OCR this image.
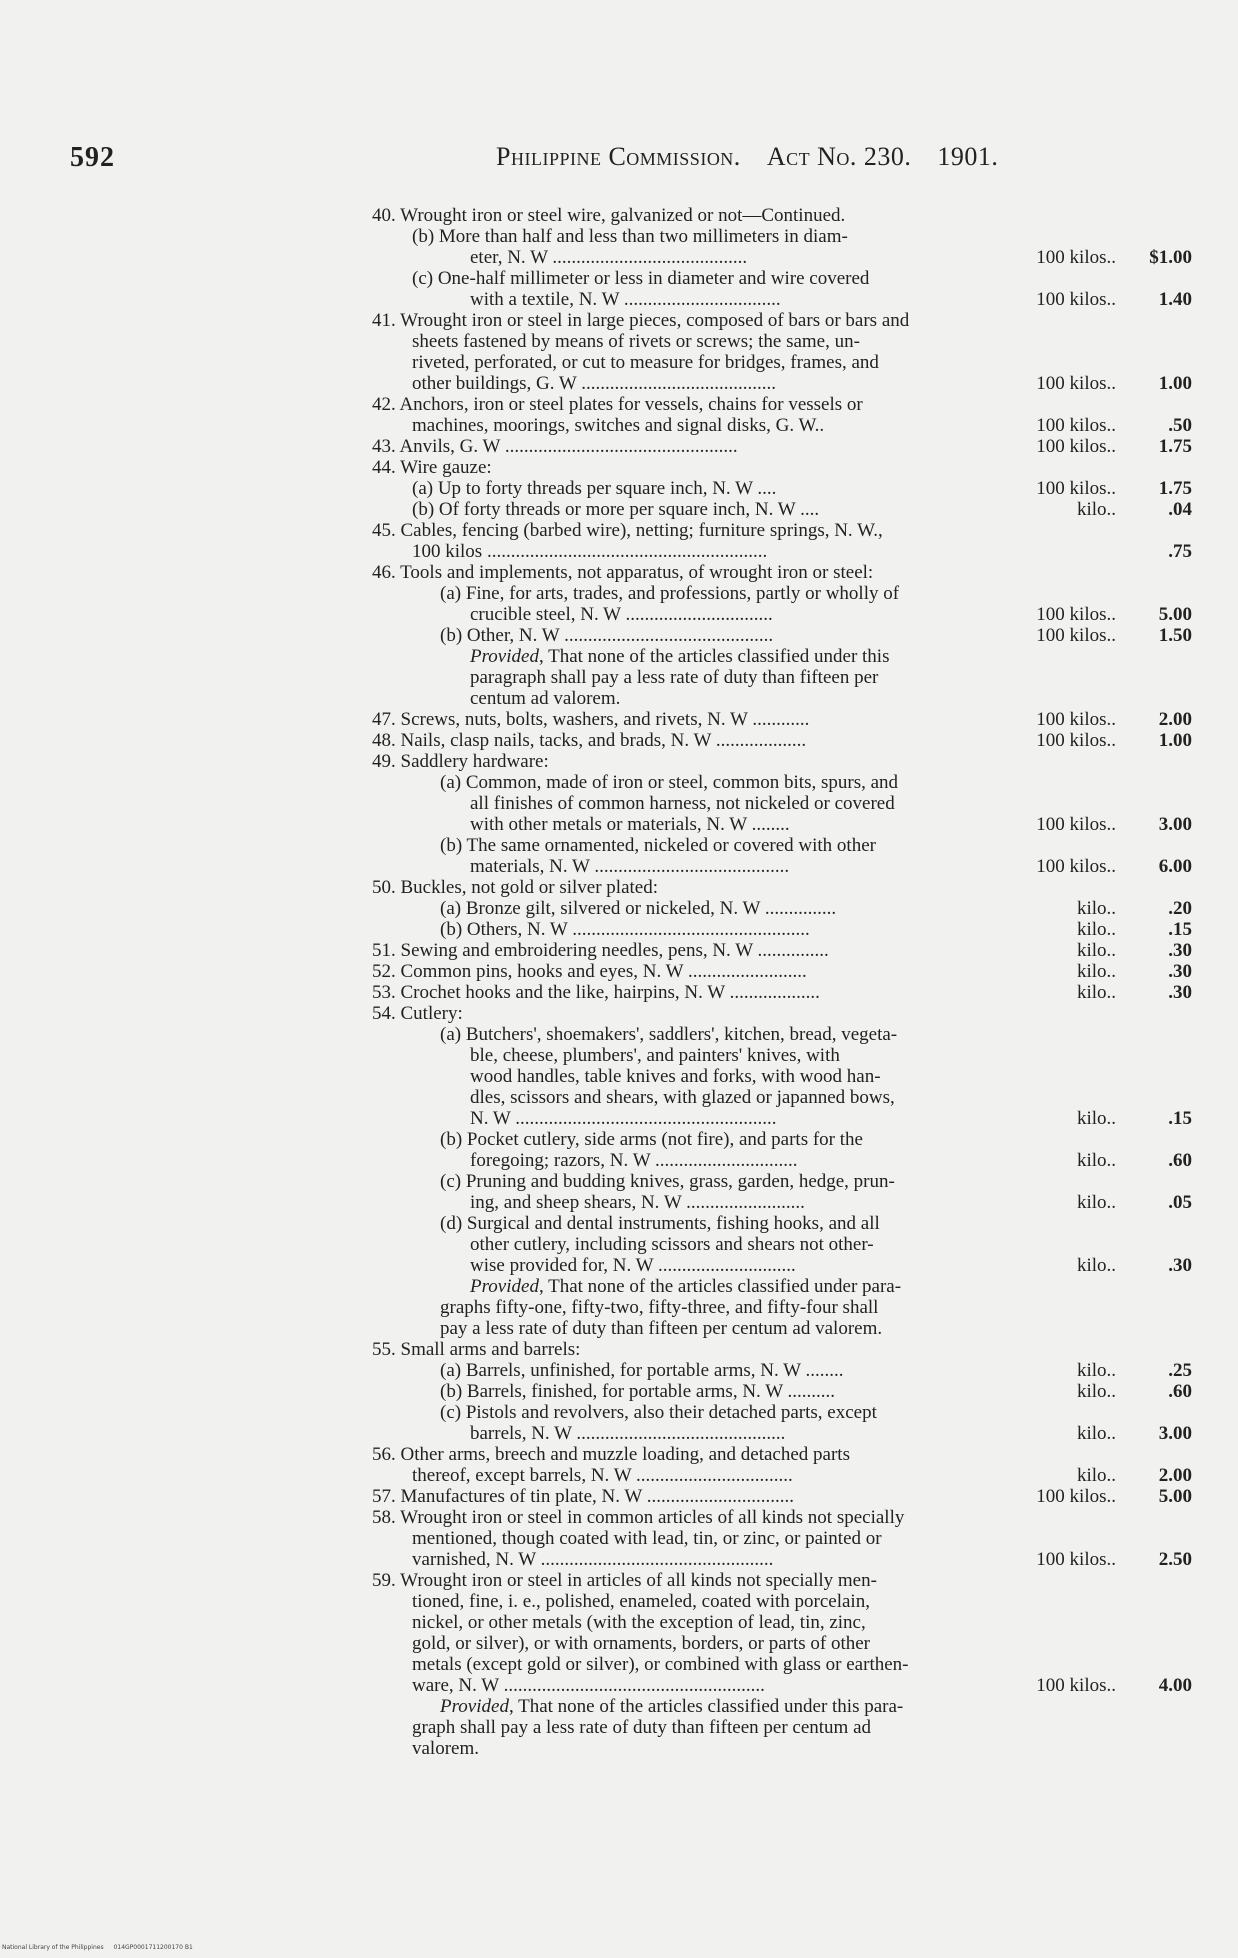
592	Philippine Commission. Act No. 230. 1901.
40. Wrought iron or steel wire, galvanized or not—Continued.
(b) More than half and less than two millimeters in diam-
eter, N. W .........................................	100 kilos..	$1.00
(c) One-half millimeter or less in diameter and wire covered
with a textile, N. W .................................	100 kilos..	1.40
41. Wrought iron or steel in large pieces, composed of bars or bars and
sheets fastened by means of rivets or screws; the same, un-
riveted, perforated, or cut to measure for bridges, frames, and
other buildings, G. W .........................................	100 kilos..	1.00
42. Anchors, iron or steel plates for vessels, chains for vessels or
machines, moorings, switches and signal disks, G. W..	100 kilos..	.50
43. Anvils, G. W .................................................	100 kilos..	1.75
44. Wire gauze:
(a) Up to forty threads per square inch, N. W ....	100 kilos..	1.75
(b) Of forty threads or more per square inch, N. W ....	kilo..	.04
45. Cables, fencing (barbed wire), netting; furniture springs, N. W.,
100 kilos ...........................................................	.75
46. Tools and implements, not apparatus, of wrought iron or steel:
(a) Fine, for arts, trades, and professions, partly or wholly of
crucible steel, N. W ...............................	100 kilos..	5.00
(b) Other, N. W ............................................	100 kilos..	1.50
Provided, That none of the articles classified under this
paragraph shall pay a less rate of duty than fifteen per
centum ad valorem.
47. Screws, nuts, bolts, washers, and rivets, N. W ............	100 kilos..	2.00
48. Nails, clasp nails, tacks, and brads, N. W ...................	100 kilos..	1.00
49. Saddlery hardware:
(a) Common, made of iron or steel, common bits, spurs, and
all finishes of common harness, not nickeled or covered
with other metals or materials, N. W ........	100 kilos..	3.00
(b) The same ornamented, nickeled or covered with other
materials, N. W .........................................	100 kilos..	6.00
50. Buckles, not gold or silver plated:
(a) Bronze gilt, silvered or nickeled, N. W ...............	kilo..	.20
(b) Others, N. W ..................................................	kilo..	.15
51. Sewing and embroidering needles, pens, N. W ...............	kilo..	.30
52. Common pins, hooks and eyes, N. W .........................	kilo..	.30
53. Crochet hooks and the like, hairpins, N. W ...................	kilo..	.30
54. Cutlery:
(a) Butchers', shoemakers', saddlers', kitchen, bread, vegeta-
ble, cheese, plumbers', and painters' knives, with
wood handles, table knives and forks, with wood han-
dles, scissors and shears, with glazed or japanned bows,
N. W .......................................................	kilo..	.15
(b) Pocket cutlery, side arms (not fire), and parts for the
foregoing; razors, N. W ..............................	kilo..	.60
(c) Pruning and budding knives, grass, garden, hedge, prun-
ing, and sheep shears, N. W .........................	kilo..	.05
(d) Surgical and dental instruments, fishing hooks, and all
other cutlery, including scissors and shears not other-
wise provided for, N. W .............................	kilo..	.30
Provided, That none of the articles classified under para-
graphs fifty-one, fifty-two, fifty-three, and fifty-four shall
pay a less rate of duty than fifteen per centum ad valorem.
55. Small arms and barrels:
(a) Barrels, unfinished, for portable arms, N. W ........	kilo..	.25
(b) Barrels, finished, for portable arms, N. W ..........	kilo..	.60
(c) Pistols and revolvers, also their detached parts, except
barrels, N. W ............................................	kilo..	3.00
56. Other arms, breech and muzzle loading, and detached parts
thereof, except barrels, N. W .................................	kilo..	2.00
57. Manufactures of tin plate, N. W ...............................	100 kilos..	5.00
58. Wrought iron or steel in common articles of all kinds not specially
mentioned, though coated with lead, tin, or zinc, or painted or
varnished, N. W .................................................	100 kilos..	2.50
59. Wrought iron or steel in articles of all kinds not specially men-
tioned, fine, i. e., polished, enameled, coated with porcelain,
nickel, or other metals (with the exception of lead, tin, zinc,
gold, or silver), or with ornaments, borders, or parts of other
metals (except gold or silver), or combined with glass or earthen-
ware, N. W .......................................................	100 kilos..	4.00
Provided, That none of the articles classified under this para-
graph shall pay a less rate of duty than fifteen per centum ad
valorem.
National Library of the Philippines 014GP0001711200170 B1
